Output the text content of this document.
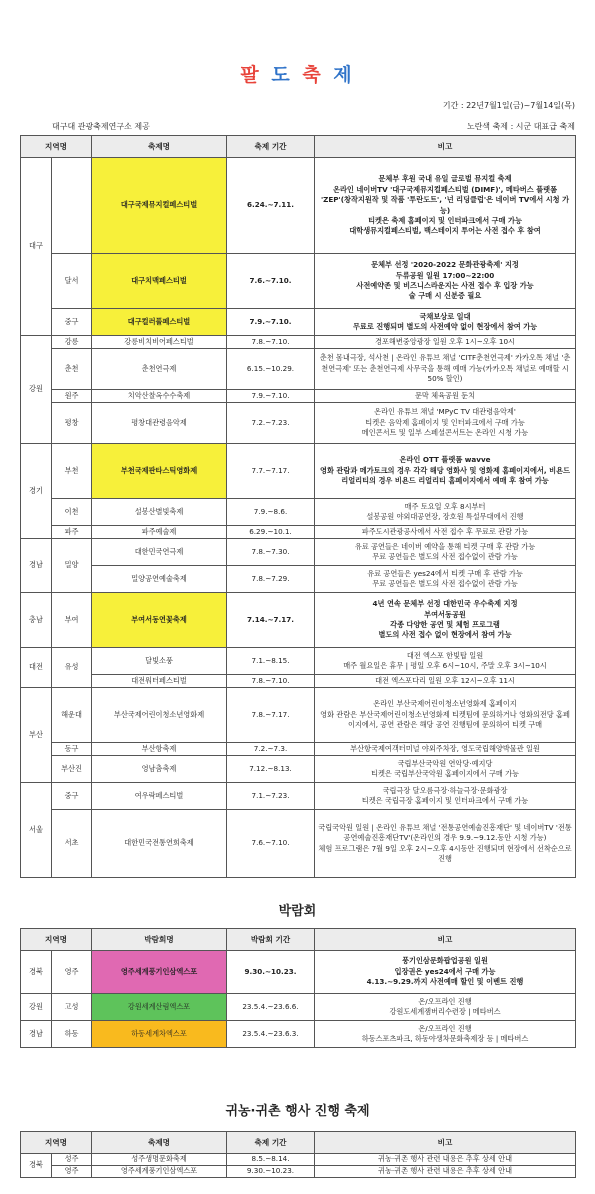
팔 도 축 제
기간 : 22년7월1일(금)~7월14일(목)
대구대 관광축제연구소 제공	노란색 축제 : 시군 대표급 축제
지역명		축제명	축제 기간	비고
대구		대구국제뮤지컬페스티벌	6.24.~7.11.	문체부 후원 국내 유일 글로벌 뮤지컬 축제
온라인 네이버TV '대구국제뮤지컬페스티벌 (DIMF)', 메타버스 플랫폼 'ZEP'(창작지원작 및 작품 '투란도트', '넌 리딩클럽'은 네이버 TV에서 시청 가능)
티켓은 축제 홈페이지 및 인터파크에서 구매 가능
대학생뮤지컬페스티벌, 백스테이지 투어는 사전 접수 후 참여
	달서	대구치맥페스티벌	7.6.~7.10.	문체부 선정 '2020-2022 문화관광축제' 지정
두류공원 일원 17:00~22:00
사전예약존 및 비즈니스라운지는 사전 접수 후 입장 가능
술 구매 시 신분증 필요
	중구	대구컬러풀페스티벌	7.9.~7.10.	국채보상로 일대
무료로 진행되며 별도의 사전예약 없이 현장에서 참여 가능
강원	강릉	강릉비치비어페스티벌	7.8.~7.10.	경포해변중앙광장 일원 오후 1시~오후 10시
	춘천	춘천연극제	6.15.~10.29.	춘천 몸내극장, 석사천 | 온라인 유튜브 채널 'CITF춘천연극제' 카카오톡 채널 '춘천연극제' 또는 춘천연극제 사무국을 통해 예매 가능(카카오톡 채널로 예매할 시 50% 할인)
	원주	치악산찰옥수수축제	7.9.~7.10.	문막 체육공원 둔치
	평창	평창대관령음악제	7.2.~7.23.	온라인 유튜브 채널 'MPyC TV 대관령음악제'
티켓은 음악제 홈페이지 및 인터파크에서 구매 가능
메인콘서트 및 일부 스페셜콘서트는 온라인 시청 가능
경기	부천	부천국제판타스틱영화제	7.7.~7.17.	온라인 OTT 플랫폼 wavve
영화 관람과 메가토크의 경우 각각 해당 영화사 및 영화제 홈페이지에서, 비욘드 리얼리티의 경우 비욘드 리얼리티 홈페이지에서 예매 후 참여 가능
	이천	설봉산별빛축제	7.9.~8.6.	매주 토요일 오후 8시부터
설봉공원 야외대공연장, 장호원 특설무대에서 진행
	파주	파주예술제	6.29.~10.1.	파주도시관광공사에서 사전 접수 후 무료로 관람 가능
경남	밀양	대한민국연극제	7.8.~7.30.	유료 공연들은 네이버 예약을 통해 티켓 구매 후 관람 가능
무료 공연들은 별도의 사전 접수없이 관람 가능
		밀양공연예술축제	7.8.~7.29.	유료 공연들은 yes24에서 티켓 구매 후 관람 가능
무료 공연들은 별도의 사전 접수없이 관람 가능
충남	부여	부여서동연꽃축제	7.14.~7.17.	4년 연속 문체부 선정 대한민국 우수축제 지정
부여서동공원
각종 다양한 공연 및 체험 프로그램
별도의 사전 접수 없이 현장에서 참여 가능
대전	유성	달빛소풍	7.1.~8.15.	대전 엑스포 한빛탑 일원
매주 월요일은 휴무 | 평일 오후 6시~10시, 주말 오후 3시~10시
		대전워터페스티벌	7.8.~7.10.	대전 엑스포다리 일원 오후 12시~오후 11시
부산	해운대	부산국제어린이청소년영화제	7.8.~7.17.	온라인 부산국제어린이청소년영화제 홈페이지
영화 관람은 부산국제어린이청소년영화제 티켓팀에 문의하거나 영화의전당 홈페이지에서, 공연 관람은 해당 공연 진행팀에 문의하여 티켓 구매
	동구	부산항축제	7.2.~7.3.	부산항국제여객터미널 야외주차장, 영도국립해양박물관 일원
	부산진	영남춤축제	7.12.~8.13.	국립부산국악원 연악당·예지당
티켓은 국립부산국악원 홈페이지에서 구매 가능
서울	중구	여우락페스티벌	7.1.~7.23.	국립극장 달오름극장·하늘극장·문화광장
티켓은 국립극장 홈페이지 및 인터파크에서 구매 가능
	서초	대한민국전통연희축제	7.6.~7.10.	국립국악원 일원 | 온라인 유튜브 채널 '전통공연예술진흥재단' 및 네이버TV '전통공연예술진흥재단TV'(온라인의 경우 9.9.~9.12.동안 시청 가능)
체험 프로그램은 7월 9일 오후 2시~오후 4시동안 진행되며 현장에서 선착순으로 진행
박람회
지역명		박람회명	박람회 기간	비고
경북	영주	영주세계풍기인삼엑스포	9.30.~10.23.	풍기인삼문화팝업공원 일원
입장권은 yes24에서 구매 가능
4.13.~9.29.까지 사전예매 할인 및 이벤트 진행
강원	고성	강원세계산림엑스포	23.5.4.~23.6.6.	온/오프라인 진행
강원도세계잼버리수련장 | 메타버스
경남	하동	하동세계차엑스포	23.5.4.~23.6.3.	온/오프라인 진행
하동스포츠파크, 하동야생차문화축제장 등 | 메타버스
귀농·귀촌 행사 진행 축제
지역명		축제명	축제 기간	비고
경북	성주	성주생명문화축제	8.5.~8.14.	귀농·귀촌 행사 관련 내용은 추후 상세 안내
	영주	영주세계풍기인삼엑스포	9.30.~10.23.	귀농·귀촌 행사 관련 내용은 추후 상세 안내
